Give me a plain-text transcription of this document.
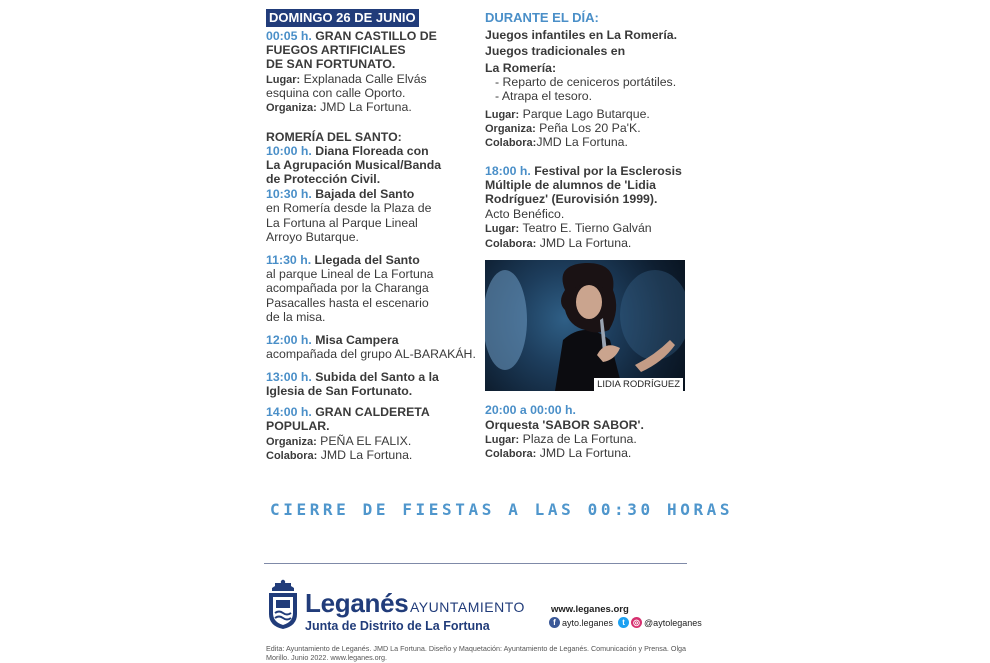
DOMINGO 26 DE JUNIO
00:05 h. GRAN CASTILLO DE
FUEGOS ARTIFICIALES
DE SAN FORTUNATO.
Lugar: Explanada Calle Elvás
esquina con calle Oporto.
Organiza: JMD La Fortuna.
ROMERÍA DEL SANTO:
10:00 h. Diana Floreada con
La Agrupación Musical/Banda
de Protección Civil.
10:30 h. Bajada del Santo
en Romería desde la Plaza de
La Fortuna al Parque Lineal
Arroyo Butarque.
11:30 h. Llegada del Santo
al parque Lineal de La Fortuna
acompañada por la Charanga
Pasacalles hasta el escenario
de la misa.
12:00 h. Misa Campera
acompañada del grupo AL-BARAKÁH.
13:00 h. Subida del Santo a la
Iglesia de San Fortunato.
14:00 h. GRAN CALDERETA
POPULAR.
Organiza: PEÑA EL FALIX.
Colabora: JMD La Fortuna.
DURANTE EL DÍA:
Juegos infantiles en La Romería.
Juegos tradicionales en
La Romería:
- Reparto de ceniceros portátiles.
- Atrapa el tesoro.
Lugar: Parque Lago Butarque.
Organiza: Peña Los 20 Pa'K.
Colabora:JMD La Fortuna.
18:00 h. Festival por la Esclerosis
Múltiple de alumnos de 'Lidia
Rodríguez' (Eurovisión 1999).
Acto Benéfico.
Lugar: Teatro E. Tierno Galván
Colabora: JMD La Fortuna.
LIDIA RODRÍGUEZ
20:00 a 00:00 h.
Orquesta 'SABOR SABOR'.
Lugar: Plaza de La Fortuna.
Colabora: JMD La Fortuna.
CIERRE DE FIESTAS A LAS 00:30 HORAS
Leganés AYUNTAMIENTO
Junta de Distrito de La Fortuna
www.leganes.org
f ayto.leganes	t	◎ @aytoleganes
Edita: Ayuntamiento de Leganés. JMD La Fortuna. Diseño y Maquetación: Ayuntamiento de Leganés. Comunicación y Prensa. Olga Morillo. Junio 2022. www.leganes.org.
